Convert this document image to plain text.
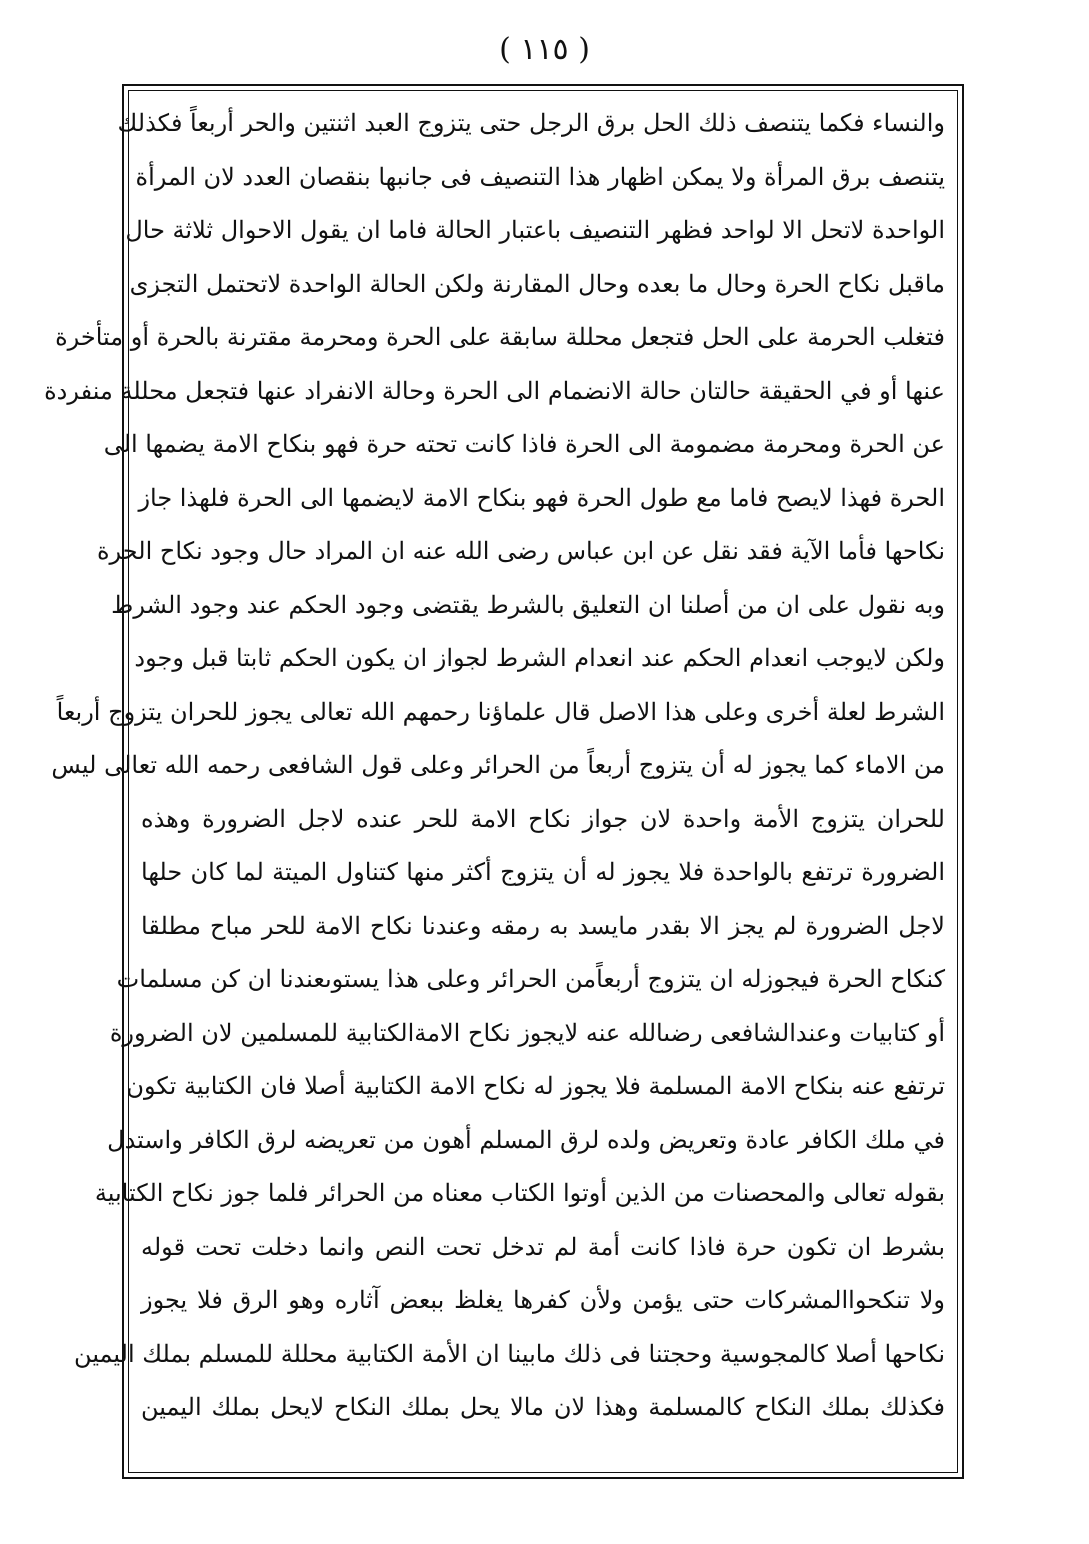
( ١١٥ )
والنساء فكما يتنصف ذلك الحل برق الرجل حتى يتزوج العبد اثنتين والحر أربعاً فكذلك
يتنصف برق المرأة ولا يمكن اظهار هذا التنصيف فى جانبها بنقصان العدد لان المرأة
الواحدة لاتحل الا لواحد فظهر التنصيف باعتبار الحالة فاما ان يقول الاحوال ثلاثة حال
ماقبل نكاح الحرة وحال ما بعده وحال المقارنة ولكن الحالة الواحدة لاتحتمل التجزى
فتغلب الحرمة على الحل فتجعل محللة سابقة على الحرة ومحرمة مقترنة بالحرة أو متأخرة
عنها أو في الحقيقة حالتان حالة الانضمام الى الحرة وحالة الانفراد عنها فتجعل محللة منفردة
عن الحرة ومحرمة مضمومة الى الحرة فاذا كانت تحته حرة فهو بنكاح الامة يضمها الى
الحرة فهذا لايصح فاما مع طول الحرة فهو بنكاح الامة لايضمها الى الحرة فلهذا جاز
نكاحها فأما الآية فقد نقل عن ابن عباس رضى الله عنه ان المراد حال وجود نكاح الحرة
وبه نقول على ان من أصلنا ان التعليق بالشرط يقتضى وجود الحكم عند وجود الشرط
ولكن لايوجب انعدام الحكم عند انعدام الشرط لجواز ان يكون الحكم ثابتا قبل وجود
الشرط لعلة أخرى وعلى هذا الاصل قال علماؤنا رحمهم الله تعالى يجوز للحران يتزوج أربعاً
من الاماء كما يجوز له أن يتزوج أربعاً من الحرائر وعلى قول الشافعى رحمه الله تعالى ليس
للحران يتزوج الأمة واحدة لان جواز نكاح الامة للحر عنده لاجل الضرورة وهذه
الضرورة ترتفع بالواحدة فلا يجوز له أن يتزوج أكثر منها كتناول الميتة لما كان حلها
لاجل الضرورة لم يجز الا بقدر مايسد به رمقه وعندنا نكاح الامة للحر مباح مطلقا
كنكاح الحرة فيجوزله ان يتزوج أربعاًمن الحرائر وعلى هذا يستوىعندنا ان كن مسلمات
أو كتابيات وعندالشافعى رضىالله عنه لايجوز نكاح الامةالكتابية للمسلمين لان الضرورة
ترتفع عنه بنكاح الامة المسلمة فلا يجوز له نكاح الامة الكتابية أصلا فان الكتابية تكون
في ملك الكافر عادة وتعريض ولده لرق المسلم أهون من تعريضه لرق الكافر واستدل
بقوله تعالى والمحصنات من الذين أوتوا الكتاب معناه من الحرائر فلما جوز نكاح الكتابية
بشرط ان تكون حرة فاذا كانت أمة لم تدخل تحت النص وانما دخلت تحت قوله
ولا تنكحواالمشركات حتى يؤمن ولأن كفرها يغلظ ببعض آثاره وهو الرق فلا يجوز
نكاحها أصلا كالمجوسية وحجتنا فى ذلك مابينا ان الأمة الكتابية محللة للمسلم بملك اليمين
فكذلك بملك النكاح كالمسلمة وهذا لان مالا يحل بملك النكاح لايحل بملك اليمين
